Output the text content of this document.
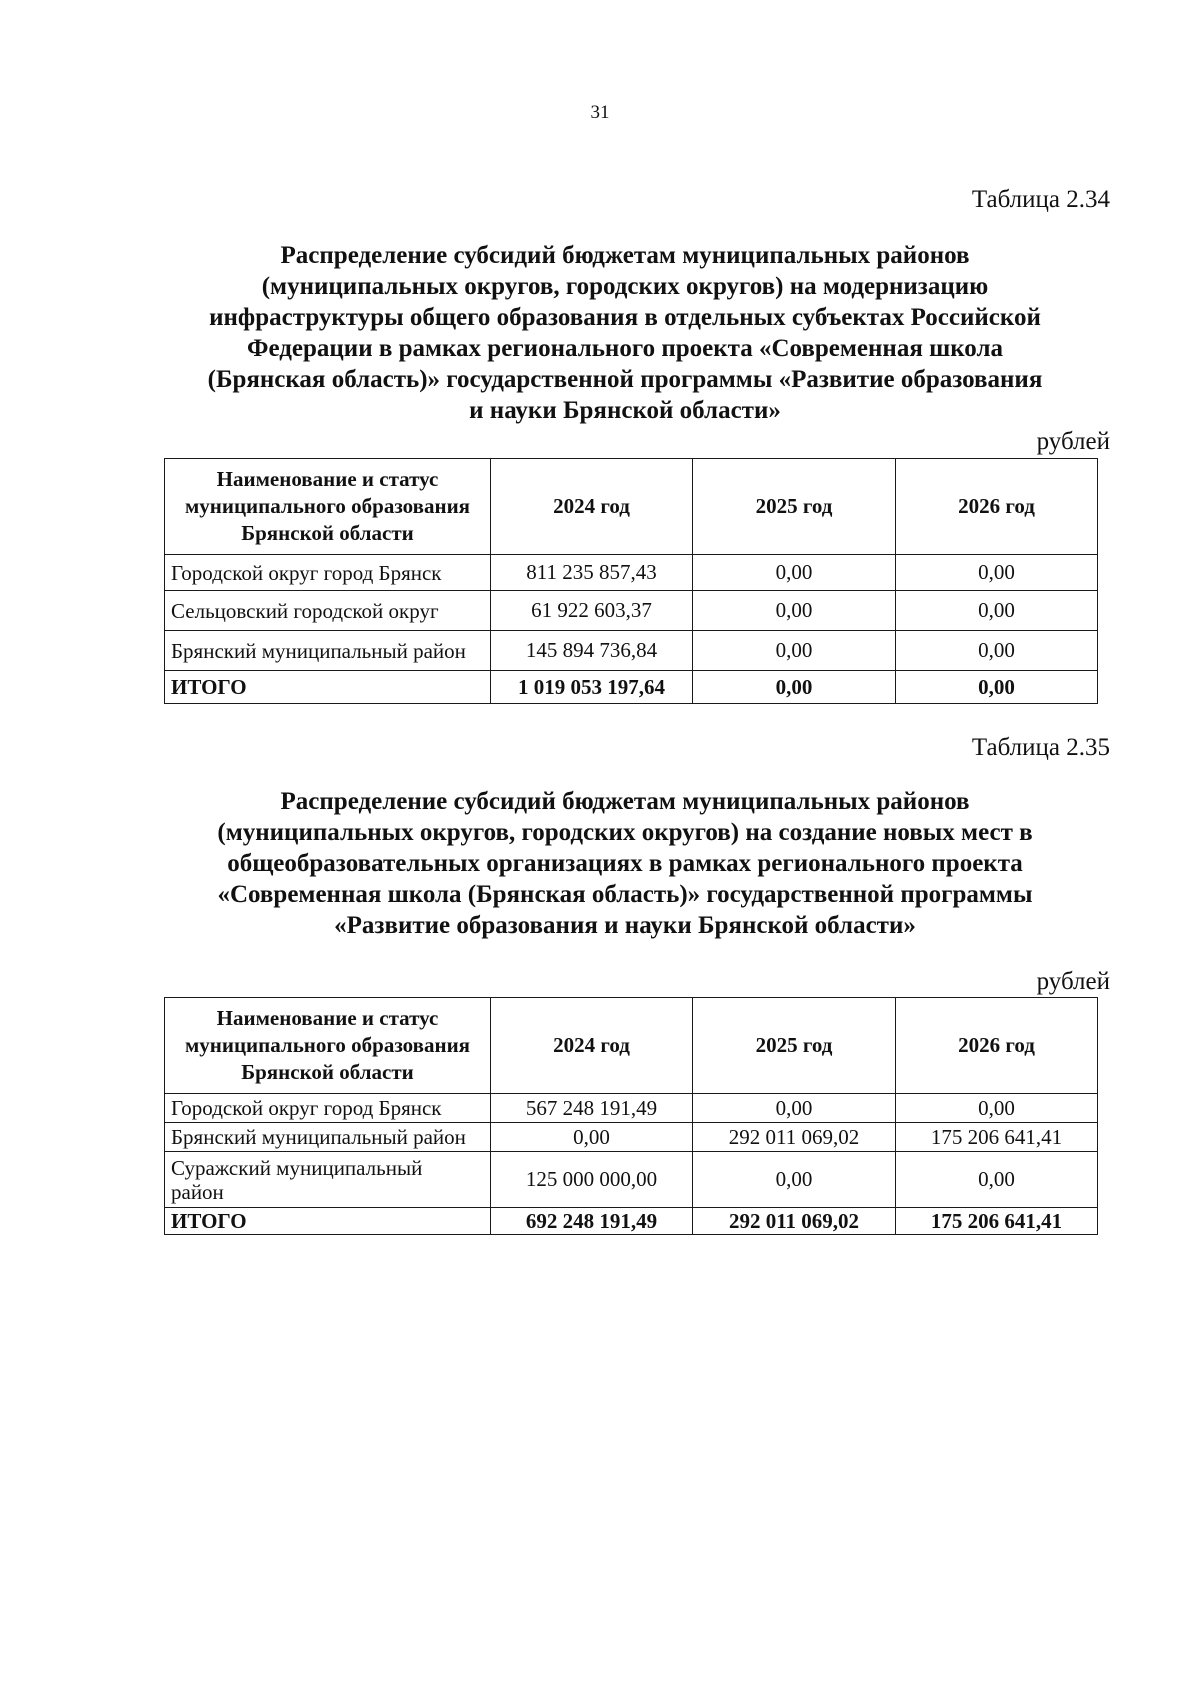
31
Таблица 2.34
Распределение субсидий бюджетам муниципальных районов
(муниципальных округов, городских округов) на модернизацию
инфраструктуры общего образования в отдельных субъектах Российской
Федерации в рамках регионального проекта «Современная школа
(Брянская область)» государственной программы «Развитие образования
и науки Брянской области»
рублей
Наименование и статус
муниципального образования
Брянской области	2024 год	2025 год	2026 год

Городской округ город Брянск	811 235 857,43	0,00	0,00

Сельцовский городской округ	61 922 603,37	0,00	0,00

Брянский муниципальный район	145 894 736,84	0,00	0,00
ИТОГО	1 019 053 197,64	0,00	0,00
Таблица 2.35
Распределение субсидий бюджетам муниципальных районов
(муниципальных округов, городских округов) на создание новых мест в
общеобразовательных организациях в рамках регионального проекта
«Современная школа (Брянская область)» государственной программы
«Развитие образования и науки Брянской области»
рублей
Наименование и статус
муниципального образования
Брянской области	2024 год	2025 год	2026 год

Городской округ город Брянск	567 248 191,49	0,00	0,00

Брянский муниципальный район	0,00	292 011 069,02	175 206 641,41

Суражский муниципальный
район	125 000 000,00	0,00	0,00
ИТОГО	692 248 191,49	292 011 069,02	175 206 641,41
